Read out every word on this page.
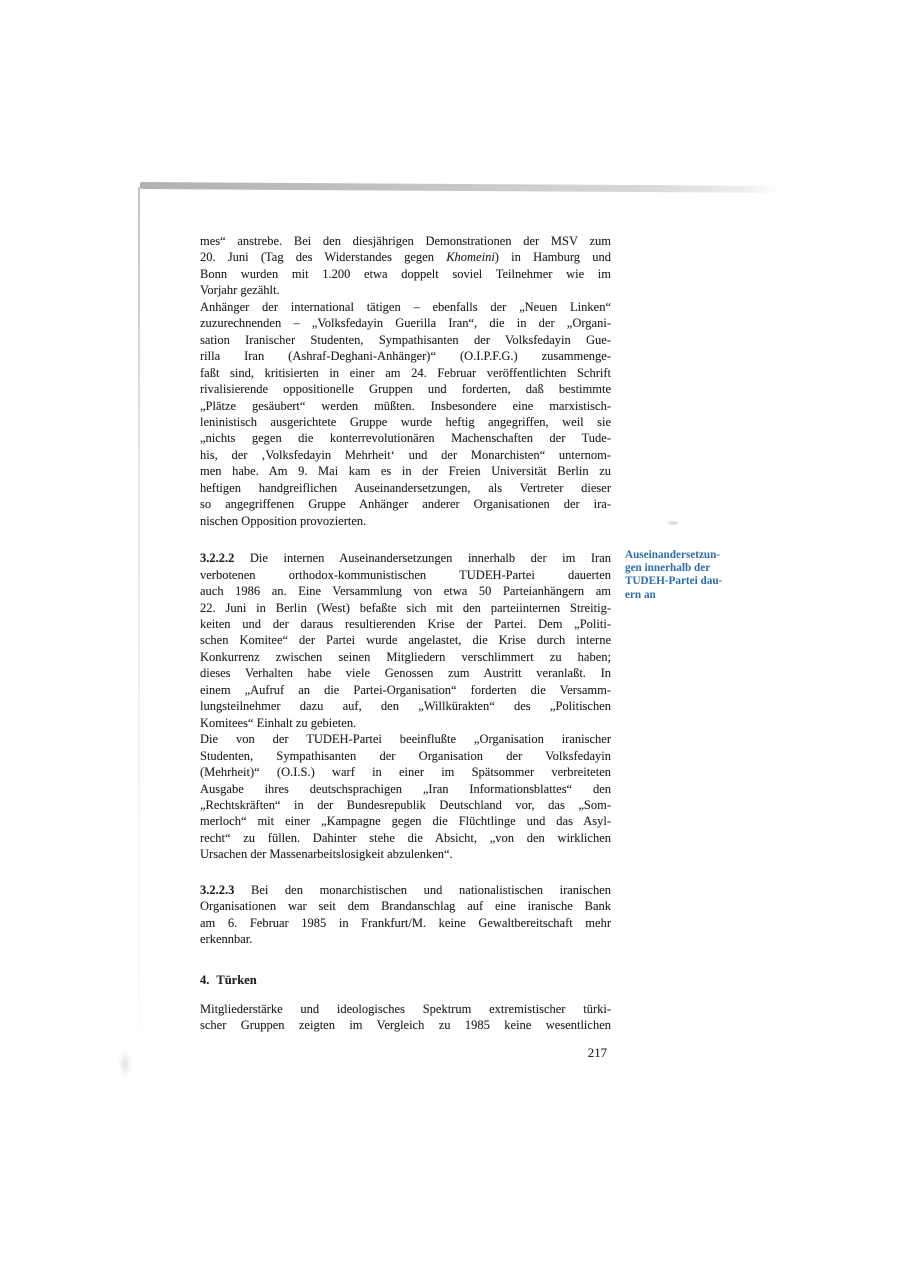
mes“ anstrebe. Bei den diesjährigen Demonstrationen der MSV zum
20. Juni (Tag des Widerstandes gegen Khomeini) in Hamburg und
Bonn wurden mit 1.200 etwa doppelt soviel Teilnehmer wie im
Vorjahr gezählt.
Anhänger der international tätigen – ebenfalls der „Neuen Linken“
zuzurechnenden – „Volksfedayin Guerilla Iran“, die in der „Organi-
sation Iranischer Studenten, Sympathisanten der Volksfedayin Gue-
rilla Iran (Ashraf-Deghani-Anhänger)“ (O.I.P.F.G.) zusammenge-
faßt sind, kritisierten in einer am 24. Februar veröffentlichten Schrift
rivalisierende oppositionelle Gruppen und forderten, daß bestimmte
„Plätze gesäubert“ werden müßten. Insbesondere eine marxistisch-
leninistisch ausgerichtete Gruppe wurde heftig angegriffen, weil sie
„nichts gegen die konterrevolutionären Machenschaften der Tude-
his, der ‚Volksfedayin Mehrheit‘ und der Monarchisten“ unternom-
men habe. Am 9. Mai kam es in der Freien Universität Berlin zu
heftigen handgreiflichen Auseinandersetzungen, als Vertreter dieser
so angegriffenen Gruppe Anhänger anderer Organisationen der ira-
nischen Opposition provozierten.
3.2.2.2 Die internen Auseinandersetzungen innerhalb der im Iran
verbotenen orthodox-kommunistischen TUDEH-Partei dauerten
auch 1986 an. Eine Versammlung von etwa 50 Parteianhängern am
22. Juni in Berlin (West) befaßte sich mit den parteiinternen Streitig-
keiten und der daraus resultierenden Krise der Partei. Dem „Politi-
schen Komitee“ der Partei wurde angelastet, die Krise durch interne
Konkurrenz zwischen seinen Mitgliedern verschlimmert zu haben;
dieses Verhalten habe viele Genossen zum Austritt veranlaßt. In
einem „Aufruf an die Partei-Organisation“ forderten die Versamm-
lungsteilnehmer dazu auf, den „Willkürakten“ des „Politischen
Komitees“ Einhalt zu gebieten.
Die von der TUDEH-Partei beeinflußte „Organisation iranischer
Studenten, Sympathisanten der Organisation der Volksfedayin
(Mehrheit)“ (O.I.S.) warf in einer im Spätsommer verbreiteten
Ausgabe ihres deutschsprachigen „Iran Informationsblattes“ den
„Rechtskräften“ in der Bundesrepublik Deutschland vor, das „Som-
merloch“ mit einer „Kampagne gegen die Flüchtlinge und das Asyl-
recht“ zu füllen. Dahinter stehe die Absicht, „von den wirklichen
Ursachen der Massenarbeitslosigkeit abzulenken“.
3.2.2.3 Bei den monarchistischen und nationalistischen iranischen
Organisationen war seit dem Brandanschlag auf eine iranische Bank
am 6. Februar 1985 in Frankfurt/M. keine Gewaltbereitschaft mehr
erkennbar.
4. Türken
Mitgliederstärke und ideologisches Spektrum extremistischer türki-
scher Gruppen zeigten im Vergleich zu 1985 keine wesentlichen
Auseinandersetzun-
gen innerhalb der
TUDEH-Partei dau-
ern an
217
